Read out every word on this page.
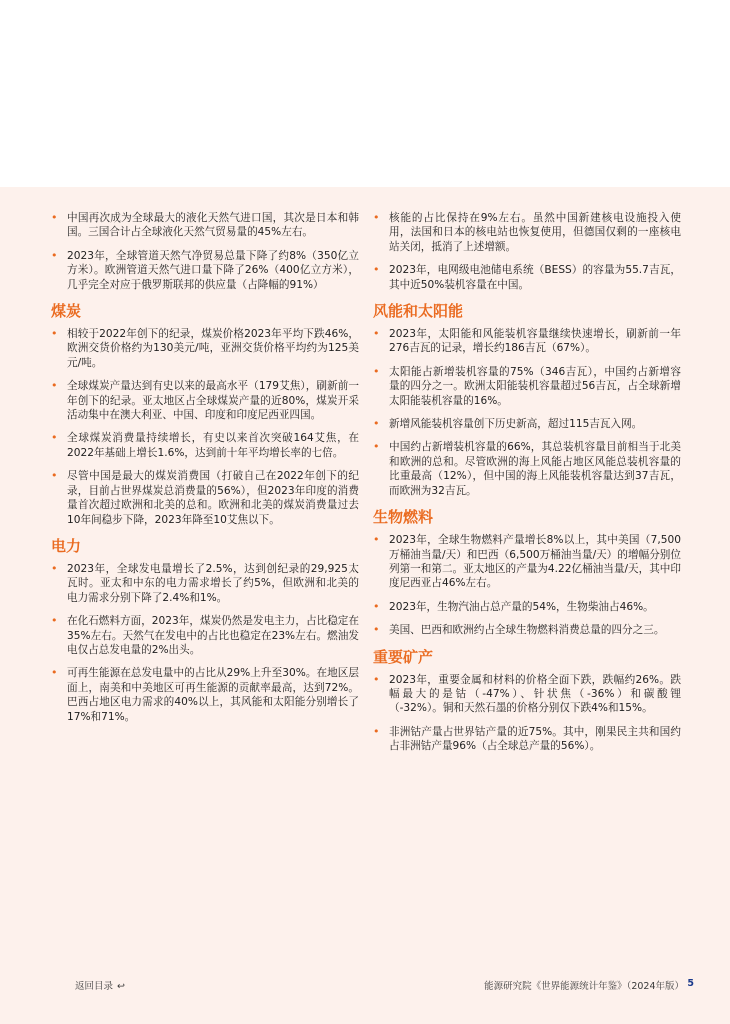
• 中国再次成为全球最大的液化天然气进口国，其次是日本和韩国。三国合计占全球液化天然气贸易量的45%左右。
• 2023年，全球管道天然气净贸易总量下降了约8%（350亿立方米）。欧洲管道天然气进口量下降了26%（400亿立方米），几乎完全对应于俄罗斯联邦的供应量（占降幅的91%）
煤炭
• 相较于2022年创下的纪录，煤炭价格2023年平均下跌46%，欧洲交货价格约为130美元/吨，亚洲交货价格平均约为125美元/吨。
• 全球煤炭产量达到有史以来的最高水平（179艾焦），刷新前一年创下的纪录。亚太地区占全球煤炭产量的近80%，煤炭开采活动集中在澳大利亚、中国、印度和印度尼西亚四国。
• 全球煤炭消费量持续增长，有史以来首次突破164艾焦，在2022年基础上增长1.6%，达到前十年平均增长率的七倍。
• 尽管中国是最大的煤炭消费国（打破自己在2022年创下的纪录，目前占世界煤炭总消费量的56%），但2023年印度的消费量首次超过欧洲和北美的总和。欧洲和北美的煤炭消费量过去10年间稳步下降，2023年降至10艾焦以下。
电力
• 2023年，全球发电量增长了2.5%，达到创纪录的29,925太瓦时。亚太和中东的电力需求增长了约5%，但欧洲和北美的电力需求分别下降了2.4%和1%。
• 在化石燃料方面，2023年，煤炭仍然是发电主力，占比稳定在35%左右。天然气在发电中的占比也稳定在23%左右。燃油发电仅占总发电量的2%出头。
• 可再生能源在总发电量中的占比从29%上升至30%。在地区层面上，南美和中美地区可再生能源的贡献率最高，达到72%。巴西占地区电力需求的40%以上，其风能和太阳能分别增长了17%和71%。
• 核能的占比保持在9%左右。虽然中国新建核电设施投入使用，法国和日本的核电站也恢复使用，但德国仅剩的一座核电站关闭，抵消了上述增额。
• 2023年，电网级电池储电系统（BESS）的容量为55.7吉瓦，其中近50%装机容量在中国。
风能和太阳能
• 2023年，太阳能和风能装机容量继续快速增长，刷新前一年276吉瓦的记录，增长约186吉瓦（67%）。
• 太阳能占新增装机容量的75%（346吉瓦），中国约占新增容量的四分之一。欧洲太阳能装机容量超过56吉瓦，占全球新增太阳能装机容量的16%。
• 新增风能装机容量创下历史新高，超过115吉瓦入网。
• 中国约占新增装机容量的66%，其总装机容量目前相当于北美和欧洲的总和。尽管欧洲的海上风能占地区风能总装机容量的比重最高（12%），但中国的海上风能装机容量达到37吉瓦，而欧洲为32吉瓦。
生物燃料
• 2023年，全球生物燃料产量增长8%以上，其中美国（7,500万桶油当量/天）和巴西（6,500万桶油当量/天）的增幅分别位列第一和第二。亚太地区的产量为4.22亿桶油当量/天，其中印度尼西亚占46%左右。
• 2023年，生物汽油占总产量的54%，生物柴油占46%。
• 美国、巴西和欧洲约占全球生物燃料消费总量的四分之三。
重要矿产
• 2023年，重要金属和材料的价格全面下跌，跌幅约26%。跌幅最大的是钴（-47%）、针状焦（-36%）和碳酸锂（-32%）。铜和天然石墨的价格分别仅下跌4%和15%。
• 非洲钴产量占世界钴产量的近75%。其中，刚果民主共和国约占非洲钴产量96%（占全球总产量的56%）。
返回目录 ↩	能源研究院《世界能源统计年鉴》（2024年版） 5
